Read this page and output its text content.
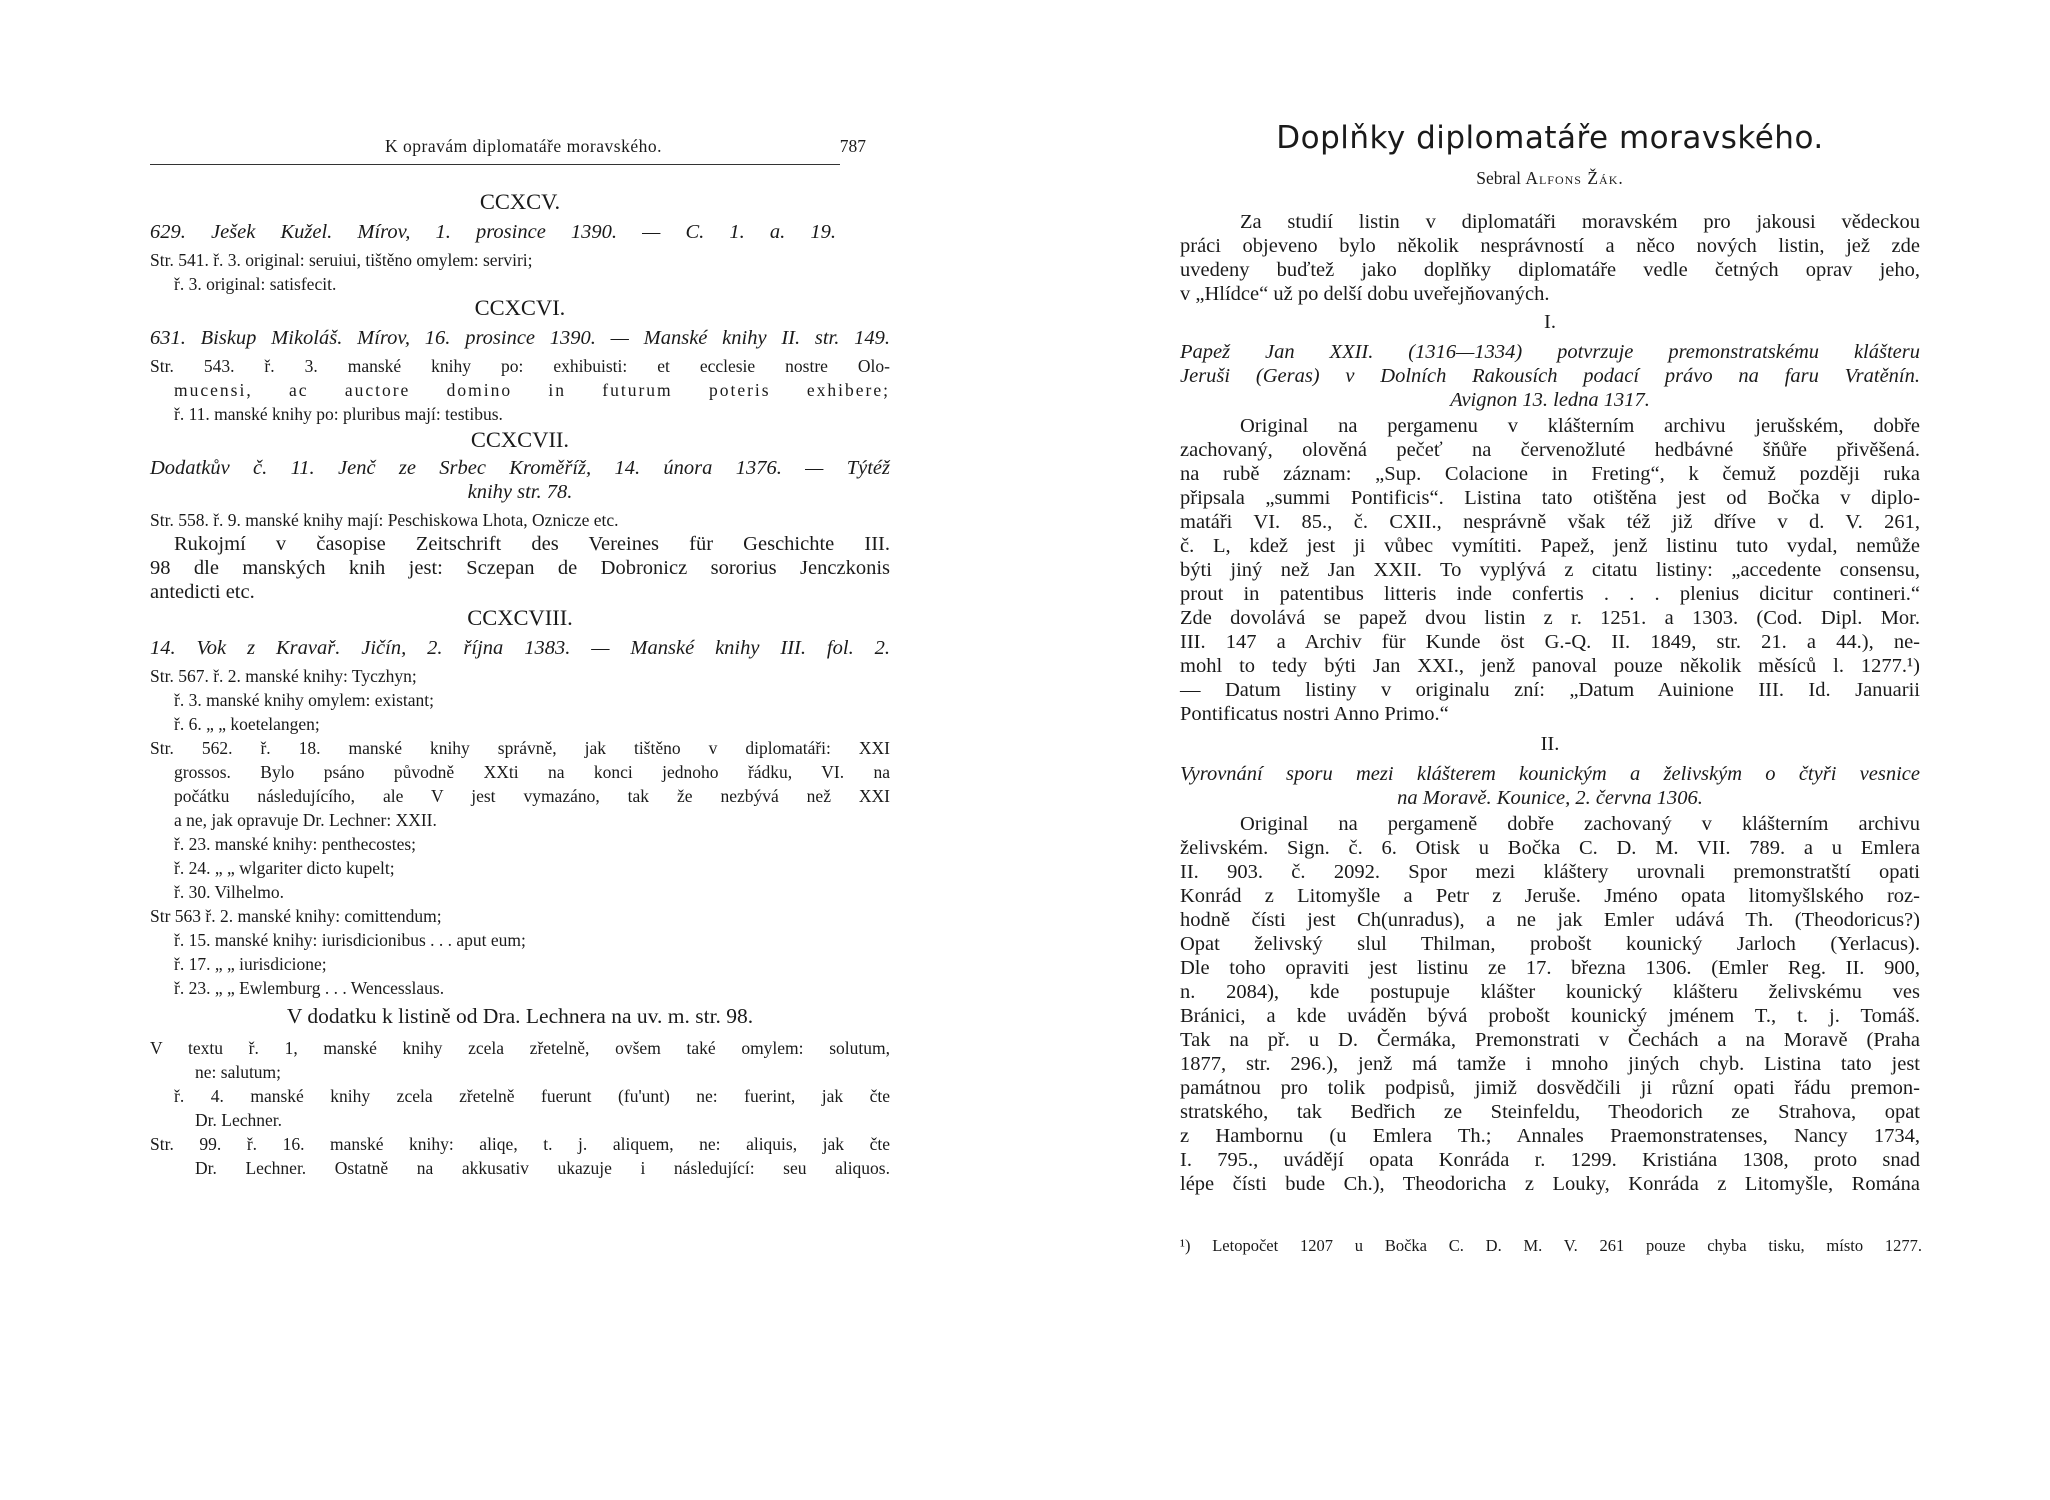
K opravám diplomatáře moravského.	787
CCXCV.
629. Ješek Kužel. Mírov, 1. prosince 1390. — C. 1. a. 19.
Str. 541. ř. 3. original: seruiui, tištěno omylem: serviri;
ř. 3. original: satisfecit.
CCXCVI.
631. Biskup Mikoláš. Mírov, 16. prosince 1390. — Manské knihy II. str. 149.
Str. 543. ř. 3. manské knihy po: exhibuisti: et ecclesie nostre Olo-
mucensi, ac auctore domino in futurum poteris exhibere;
ř. 11. manské knihy po: pluribus mají: testibus.
CCXCVII.
Dodatkův č. 11. Jenč ze Srbec Kroměříž, 14. února 1376. — Týtéž
knihy str. 78.
Str. 558. ř. 9. manské knihy mají: Peschiskowa Lhota, Oznicze etc.
Rukojmí v časopise Zeitschrift des Vereines für Geschichte III.
98 dle manských knih jest: Sczepan de Dobronicz sororius Jenczkonis
antedicti etc.
CCXCVIII.
14. Vok z Kravař. Jičín, 2. října 1383. — Manské knihy III. fol. 2.
Str. 567. ř. 2. manské knihy: Tyczhyn;
ř. 3. manské knihy omylem: existant;
ř. 6. „ „ koetelangen;
Str. 562. ř. 18. manské knihy správně, jak tištěno v diplomatáři: XXI
grossos. Bylo psáno původně XXti na konci jednoho řádku, VI. na
počátku následujícího, ale V jest vymazáno, tak že nezbývá než XXI
a ne, jak opravuje Dr. Lechner: XXII.
ř. 23. manské knihy: penthecostes;
ř. 24. „ „ wlgariter dicto kupelt;
ř. 30. Vilhelmo.
Str 563 ř. 2. manské knihy: comittendum;
ř. 15. manské knihy: iurisdicionibus . . . aput eum;
ř. 17. „ „ iurisdicione;
ř. 23. „ „ Ewlemburg . . . Wencesslaus.
V dodatku k listině od Dra. Lechnera na uv. m. str. 98.
V textu ř. 1, manské knihy zcela zřetelně, ovšem také omylem: solutum,
ne: salutum;
ř. 4. manské knihy zcela zřetelně fuerunt (fu'unt) ne: fuerint, jak čte
Dr. Lechner.
Str. 99. ř. 16. manské knihy: aliqe, t. j. aliquem, ne: aliquis, jak čte
Dr. Lechner. Ostatně na akkusativ ukazuje i následující: seu aliquos.
Doplňky diplomatáře moravského.
Sebral Alfons Žák.
Za studií listin v diplomatáři moravském pro jakousi vědeckou
práci objeveno bylo několik nesprávností a něco nových listin, jež zde
uvedeny buďtež jako doplňky diplomatáře vedle četných oprav jeho,
v „Hlídce“ už po delší dobu uveřejňovaných.
I.
Papež Jan XXII. (1316—1334) potvrzuje premonstratskému klášteru
Jeruši (Geras) v Dolních Rakousích podací právo na faru Vratěnín.
Avignon 13. ledna 1317.
Original na pergamenu v klášterním archivu jerušském, dobře
zachovaný, olověná pečeť na červenožluté hedbávné šňůře přivěšená.
na rubě záznam: „Sup. Colacione in Freting“, k čemuž později ruka
připsala „summi Pontificis“. Listina tato otištěna jest od Bočka v diplo-
matáři VI. 85., č. CXII., nesprávně však též již dříve v d. V. 261,
č. L, kdež jest ji vůbec vymítiti. Papež, jenž listinu tuto vydal, nemůže
býti jiný než Jan XXII. To vyplývá z citatu listiny: „accedente consensu,
prout in patentibus litteris inde confertis . . . plenius dicitur contineri.“
Zde dovolává se papež dvou listin z r. 1251. a 1303. (Cod. Dipl. Mor.
III. 147 a Archiv für Kunde öst G.-Q. II. 1849, str. 21. a 44.), ne-
mohl to tedy býti Jan XXI., jenž panoval pouze několik měsíců l. 1277.¹)
— Datum listiny v originalu zní: „Datum Auinione III. Id. Januarii
Pontificatus nostri Anno Primo.“
II.
Vyrovnání sporu mezi klášterem kounickým a želivským o čtyři vesnice
na Moravě. Kounice, 2. června 1306.
Original na pergameně dobře zachovaný v klášterním archivu
želivském. Sign. č. 6. Otisk u Bočka C. D. M. VII. 789. a u Emlera
II. 903. č. 2092. Spor mezi kláštery urovnali premonstratští opati
Konrád z Litomyšle a Petr z Jeruše. Jméno opata litomyšlského roz-
hodně čísti jest Ch(unradus), a ne jak Emler udává Th. (Theodoricus?)
Opat želivský slul Thilman, probošt kounický Jarloch (Yerlacus).
Dle toho opraviti jest listinu ze 17. března 1306. (Emler Reg. II. 900,
n. 2084), kde postupuje klášter kounický klášteru želivskému ves
Bránici, a kde uváděn bývá probošt kounický jménem T., t. j. Tomáš.
Tak na př. u D. Čermáka, Premonstrati v Čechách a na Moravě (Praha
1877, str. 296.), jenž má tamže i mnoho jiných chyb. Listina tato jest
památnou pro tolik podpisů, jimiž dosvědčili ji různí opati řádu premon-
stratského, tak Bedřich ze Steinfeldu, Theodorich ze Strahova, opat
z Hambornu (u Emlera Th.; Annales Praemonstratenses, Nancy 1734,
I. 795., uvádějí opata Konráda r. 1299. Kristiána 1308, proto snad
lépe čísti bude Ch.), Theodoricha z Louky, Konráda z Litomyšle, Romána
¹) Letopočet 1207 u Bočka C. D. M. V. 261 pouze chyba tisku, místo 1277.
